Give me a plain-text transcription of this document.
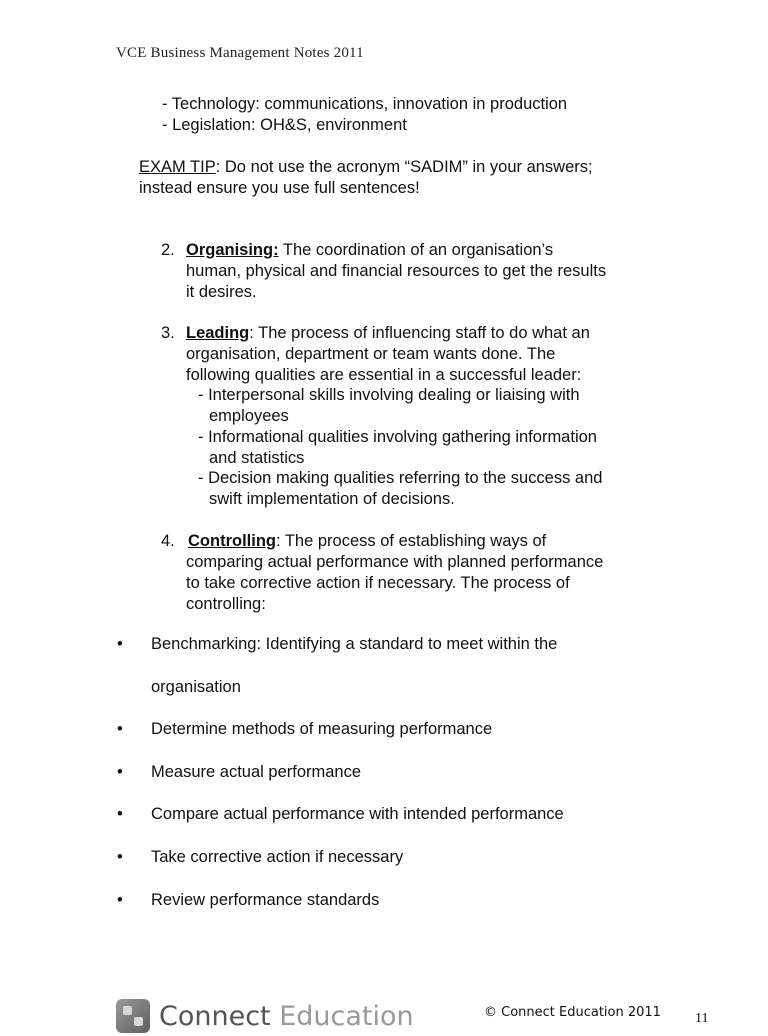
VCE Business Management Notes 2011
- Technology: communications, innovation in production
- Legislation: OH&S, environment
EXAM TIP: Do not use the acronym “SADIM” in your answers;
instead ensure you use full sentences!
2. Organising: The coordination of an organisation’s
human, physical and financial resources to get the results
it desires.
3. Leading: The process of influencing staff to do what an
organisation, department or team wants done. The
following qualities are essential in a successful leader:
- Interpersonal skills involving dealing or liaising with
employees
- Informational qualities involving gathering information
and statistics
- Decision making qualities referring to the success and
swift implementation of decisions.
4. Controlling: The process of establishing ways of
comparing actual performance with planned performance
to take corrective action if necessary. The process of
controlling:
• Benchmarking: Identifying a standard to meet within the
organisation
• Determine methods of measuring performance
• Measure actual performance
• Compare actual performance with intended performance
• Take corrective action if necessary
• Review performance standards
Connect Education	© Connect Education 2011 11
